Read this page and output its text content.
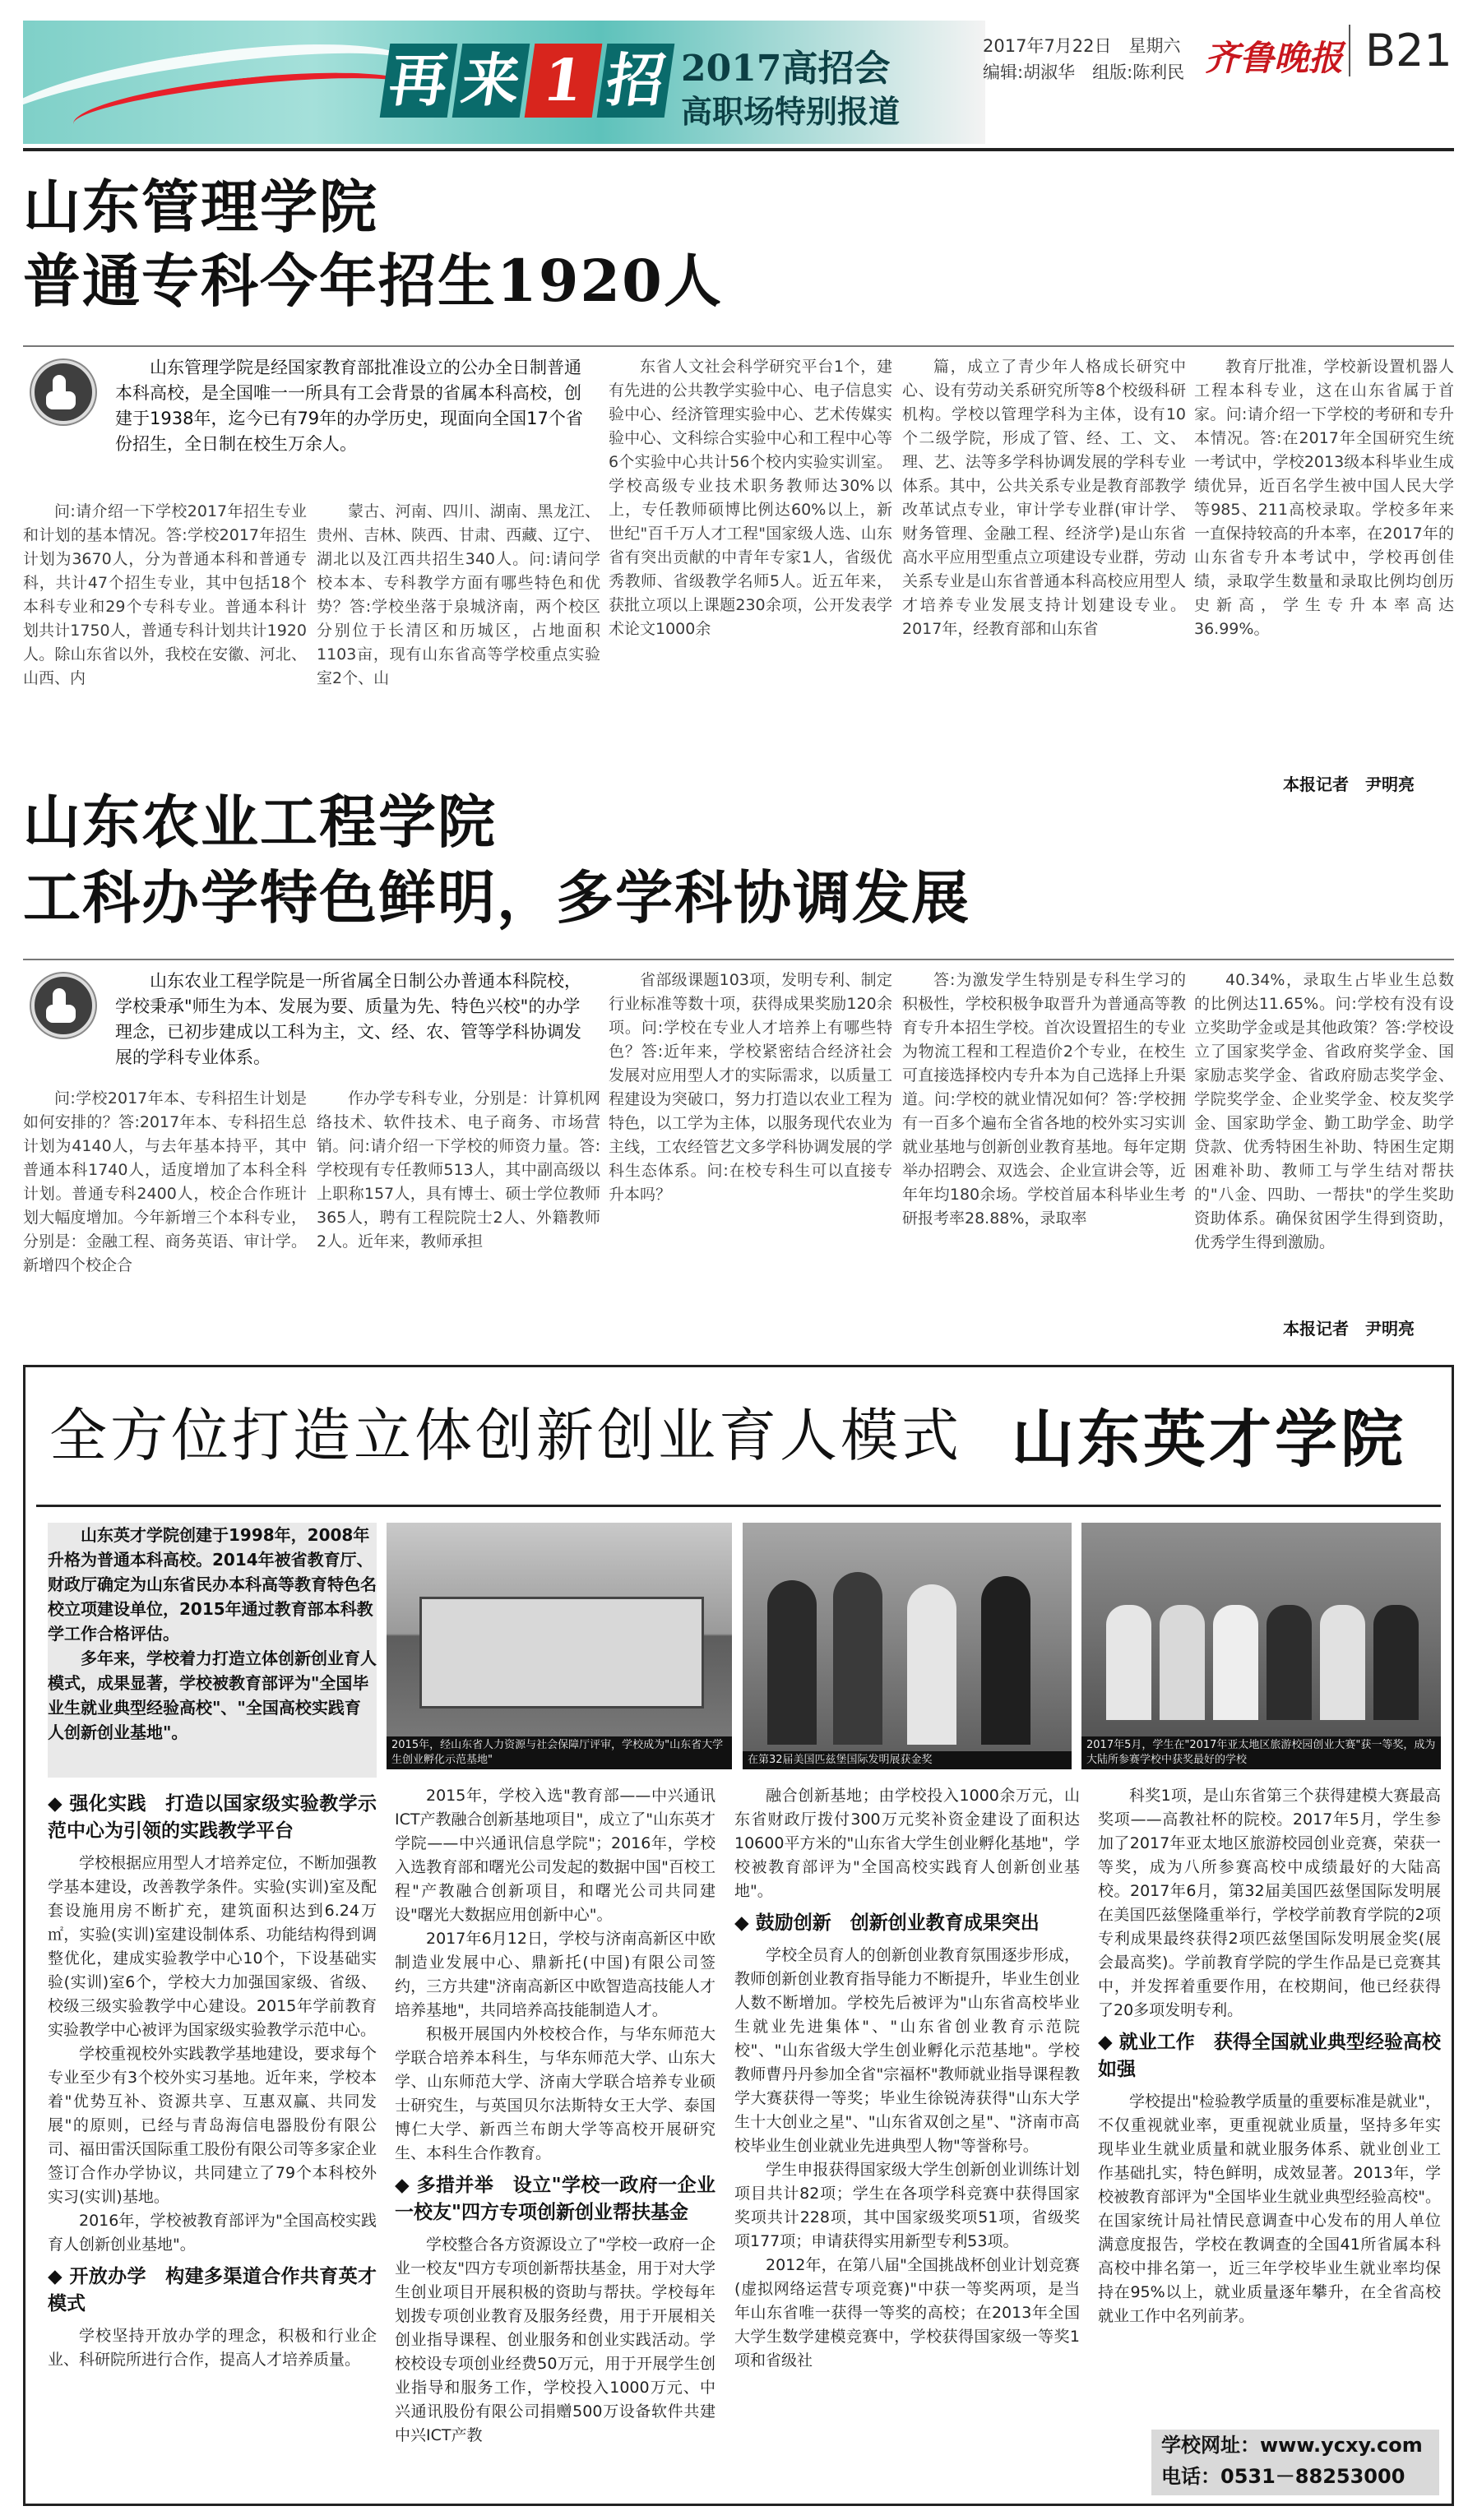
再 来 1 招 2017高招会
高职场特别报道
2017年7月22日　星期六
编辑:胡淑华　组版:陈利民 齐鲁晚报 B21
山东管理学院
普通专科今年招生1920人

山东管理学院是经国家教育部批准设立的公办全日制普通本科高校，是全国唯一一所具有工会背景的省属本科高校，创建于1938年，迄今已有79年的办学历史，现面向全国17个省份招生，全日制在校生万余人。

问:请介绍一下学校2017年招生专业和计划的基本情况。答:学校2017年招生计划为3670人，分为普通本科和普通专科，共计47个招生专业，其中包括18个本科专业和29个专科专业。普通本科计划共计1750人，普通专科计划共计1920人。除山东省以外，我校在安徽、河北、山西、内

蒙古、河南、四川、湖南、黑龙江、贵州、吉林、陕西、甘肃、西藏、辽宁、湖北以及江西共招生340人。问:请问学校本本、专科教学方面有哪些特色和优势？答:学校坐落于泉城济南，两个校区分别位于长清区和历城区，占地面积1103亩，现有山东省高等学校重点实验室2个、山

东省人文社会科学研究平台1个，建有先进的公共教学实验中心、电子信息实验中心、经济管理实验中心、艺术传媒实验中心、文科综合实验中心和工程中心等6个实验中心共计56个校内实验实训室。学校高级专业技术职务教师达30%以上，专任教师硕博比例达60%以上，新世纪"百千万人才工程"国家级人选、山东省有突出贡献的中青年专家1人，省级优秀教师、省级教学名师5人。近五年来，获批立项以上课题230余项，公开发表学术论文1000余

篇，成立了青少年人格成长研究中心、设有劳动关系研究所等8个校级科研机构。学校以管理学科为主体，设有10个二级学院，形成了管、经、工、文、理、艺、法等多学科协调发展的学科专业体系。其中，公共关系专业是教育部教学改革试点专业，审计学专业群(审计学、财务管理、金融工程、经济学)是山东省高水平应用型重点立项建设专业群，劳动关系专业是山东省普通本科高校应用型人才培养专业发展支持计划建设专业。2017年，经教育部和山东省

教育厅批准，学校新设置机器人工程本科专业，这在山东省属于首家。问:请介绍一下学校的考研和专升本情况。答:在2017年全国研究生统一考试中，学校2013级本科毕业生成绩优异，近百名学生被中国人民大学等985、211高校录取。学校多年来一直保持较高的升本率，在2017年的山东省专升本考试中，学校再创佳绩，录取学生数量和录取比例均创历史新高，学生专升本率高达36.99%。

本报记者　尹明亮
山东农业工程学院
工科办学特色鲜明，多学科协调发展

山东农业工程学院是一所省属全日制公办普通本科院校，学校秉承"师生为本、发展为要、质量为先、特色兴校"的办学理念，已初步建成以工科为主，文、经、农、管等学科协调发展的学科专业体系。

问:学校2017年本、专科招生计划是如何安排的？答:2017年本、专科招生总计划为4140人，与去年基本持平，其中普通本科1740人，适度增加了本科全科计划。普通专科2400人，校企合作班计划大幅度增加。今年新增三个本科专业，分别是：金融工程、商务英语、审计学。新增四个校企合

作办学专科专业，分别是：计算机网络技术、软件技术、电子商务、市场营销。问:请介绍一下学校的师资力量。答:学校现有专任教师513人，其中副高级以上职称157人，具有博士、硕士学位教师365人，聘有工程院院士2人、外籍教师2人。近年来，教师承担

省部级课题103项，发明专利、制定行业标准等数十项，获得成果奖励120余项。问:学校在专业人才培养上有哪些特色？答:近年来，学校紧密结合经济社会发展对应用型人才的实际需求，以质量工程建设为突破口，努力打造以农业工程为特色，以工学为主体，以服务现代农业为主线，工农经管艺文多学科协调发展的学科生态体系。问:在校专科生可以直接专升本吗？

答:为激发学生特别是专科生学习的积极性，学校积极争取晋升为普通高等教育专升本招生学校。首次设置招生的专业为物流工程和工程造价2个专业，在校生可直接选择校内专升本为自己选择上升渠道。问:学校的就业情况如何？答:学校拥有一百多个遍布全省各地的校外实习实训就业基地与创新创业教育基地。每年定期举办招聘会、双选会、企业宣讲会等，近年年均180余场。学校首届本科毕业生考研报考率28.88%，录取率

40.34%，录取生占毕业生总数的比例达11.65%。问:学校有没有设立奖助学金或是其他政策？答:学校设立了国家奖学金、省政府奖学金、国家励志奖学金、省政府励志奖学金、学院奖学金、企业奖学金、校友奖学金、国家助学金、勤工助学金、助学贷款、优秀特困生补助、特困生定期困难补助、教师工与学生结对帮扶的"八金、四助、一帮扶"的学生奖助资助体系。确保贫困学生得到资助，优秀学生得到激励。

本报记者　尹明亮
全方位打造立体创新创业育人模式 山东英才学院

山东英才学院创建于1998年，2008年升格为普通本科高校。2014年被省教育厅、财政厅确定为山东省民办本科高等教育特色名校立项建设单位，2015年通过教育部本科教学工作合格评估。

多年来，学校着力打造立体创新创业育人模式，成果显著，学校被教育部评为"全国毕业生就业典型经验高校"、"全国高校实践育人创新创业基地"。

2015年，经山东省人力资源与社会保障厅评审，学校成为"山东省大学生创业孵化示范基地"	在第32届美国匹兹堡国际发明展获金奖
2017年5月，学生在"2017年亚太地区旅游校园创业大赛"获一等奖，成为大陆所参赛学校中获奖最好的学校
◆ 强化实践　打造以国家级实验教学示范中心为引领的实践教学平台

学校根据应用型人才培养定位，不断加强教学基本建设，改善教学条件。实验(实训)室及配套设施用房不断扩充，建筑面积达到6.24万㎡，实验(实训)室建设制体系、功能结构得到调整优化，建成实验教学中心10个，下设基础实验(实训)室6个，学校大力加强国家级、省级、校级三级实验教学中心建设。2015年学前教育实验教学中心被评为国家级实验教学示范中心。

学校重视校外实践教学基地建设，要求每个专业至少有3个校外实习基地。近年来，学校本着"优势互补、资源共享、互惠双赢、共同发展"的原则，已经与青岛海信电器股份有限公司、福田雷沃国际重工股份有限公司等多家企业签订合作办学协议，共同建立了79个本科校外实习(实训)基地。

2016年，学校被教育部评为"全国高校实践育人创新创业基地"。

◆ 开放办学　构建多渠道合作共育英才模式

学校坚持开放办学的理念，积极和行业企业、科研院所进行合作，提高人才培养质量。

2015年，学校入选"教育部——中兴通讯ICT产教融合创新基地项目"，成立了"山东英才学院——中兴通讯信息学院"；2016年，学校入选教育部和曙光公司发起的数据中国"百校工程"产教融合创新项目，和曙光公司共同建设"曙光大数据应用创新中心"。

2017年6月12日，学校与济南高新区中欧制造业发展中心、鼎新托(中国)有限公司签约，三方共建"济南高新区中欧智造高技能人才培养基地"，共同培养高技能制造人才。

积极开展国内外校校合作，与华东师范大学联合培养本科生，与华东师范大学、山东大学、山东师范大学、济南大学联合培养专业硕士研究生，与英国贝尔法斯特女王大学、泰国博仁大学、新西兰布朗大学等高校开展研究生、本科生合作教育。

◆ 多措并举　设立"学校一政府一企业一校友"四方专项创新创业帮扶基金

学校整合各方资源设立了"学校一政府一企业一校友"四方专项创新帮扶基金，用于对大学生创业项目开展积极的资助与帮扶。学校每年划拨专项创业教育及服务经费，用于开展相关创业指导课程、创业服务和创业实践活动。学校校设专项创业经费50万元，用于开展学生创业指导和服务工作，学校投入1000万元、中兴通讯股份有限公司捐赠500万设备软件共建中兴ICT产教

融合创新基地；由学校投入1000余万元，山东省财政厅拨付300万元奖补资金建设了面积达10600平方米的"山东省大学生创业孵化基地"，学校被教育部评为"全国高校实践育人创新创业基地"。

◆ 鼓励创新　创新创业教育成果突出

学校全员育人的创新创业教育氛围逐步形成，教师创新创业教育指导能力不断提升，毕业生创业人数不断增加。学校先后被评为"山东省高校毕业生就业先进集体"、"山东省创业教育示范院校"、"山东省级大学生创业孵化示范基地"。学校教师曹丹丹参加全省"宗福杯"教师就业指导课程教学大赛获得一等奖；毕业生徐锐涛获得"山东大学生十大创业之星"、"山东省双创之星"、"济南市高校毕业生创业就业先进典型人物"等誉称号。

学生申报获得国家级大学生创新创业训练计划项目共计82项；学生在各项学科竞赛中获得国家奖项共计228项，其中国家级奖项51项，省级奖项177项；申请获得实用新型专利53项。

2012年，在第八届"全国挑战杯创业计划竞赛(虚拟网络运营专项竞赛)"中获一等奖两项，是当年山东省唯一获得一等奖的高校；在2013年全国大学生数学建模竞赛中，学校获得国家级一等奖1项和省级社

科奖1项，是山东省第三个获得建模大赛最高奖项——高教社杯的院校。2017年5月，学生参加了2017年亚太地区旅游校园创业竞赛，荣获一等奖，成为八所参赛高校中成绩最好的大陆高校。2017年6月，第32届美国匹兹堡国际发明展在美国匹兹堡隆重举行，学校学前教育学院的2项专利成果最终获得2项匹兹堡国际发明展金奖(展会最高奖)。学前教育学院的学生作品是已竞赛其中，并发挥着重要作用，在校期间，他已经获得了20多项发明专利。

◆ 就业工作　获得全国就业典型经验高校如强

学校提出"检验教学质量的重要标准是就业"，不仅重视就业率，更重视就业质量，坚持多年实现毕业生就业质量和就业服务体系、就业创业工作基础扎实，特色鲜明，成效显著。2013年，学校被教育部评为"全国毕业生就业典型经验高校"。在国家统计局社情民意调查中心发布的用人单位满意度报告，学校在教调查的全国41所省属本科高校中排名第一，近三年学校毕业生就业率均保持在95%以上，就业质量逐年攀升，在全省高校就业工作中名列前茅。

学校网址：www.ycxy.com
电话：0531－88253000
